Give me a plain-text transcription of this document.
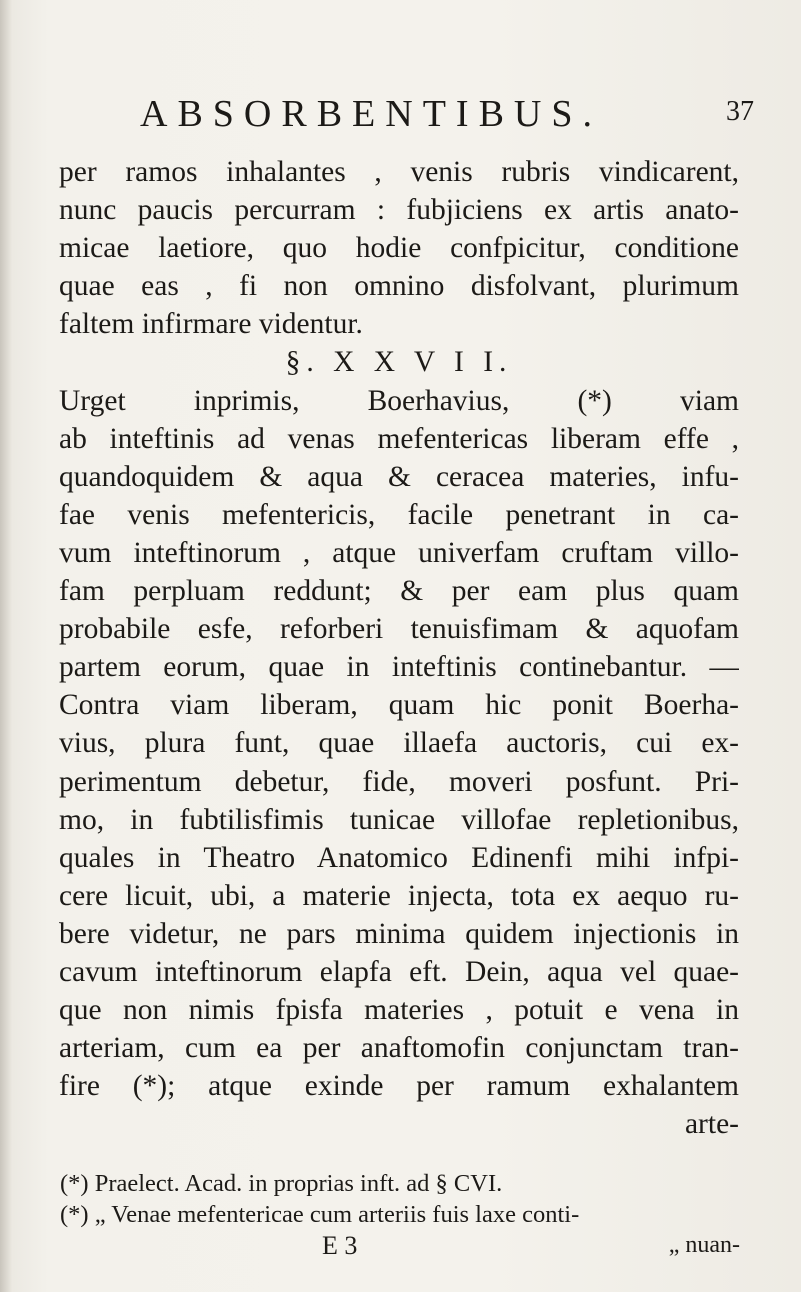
ABSORBENTIBUS.	37
per ramos inhalantes , venis rubris vindicarent,
nunc paucis percurram : fubjiciens ex artis anato-
micae laetiore, quo hodie confpicitur, conditione
quae eas , fi non omnino disfolvant, plurimum
faltem infirmare videntur.
§. X X V I I.
Urget inprimis, Boerhavius, (*) viam
ab inteftinis ad venas mefentericas liberam effe ,
quandoquidem & aqua & ceracea materies, infu-
fae venis mefentericis, facile penetrant in ca-
vum inteftinorum , atque univerfam cruftam villo-
fam perpluam reddunt; & per eam plus quam
probabile esfe, reforberi tenuisfimam & aquofam
partem eorum, quae in inteftinis continebantur. —
Contra viam liberam, quam hic ponit Boerha-
vius, plura funt, quae illaefa auctoris, cui ex-
perimentum debetur, fide, moveri posfunt. Pri-
mo, in fubtilisfimis tunicae villofae repletionibus,
quales in Theatro Anatomico Edinenfi mihi infpi-
cere licuit, ubi, a materie injecta, tota ex aequo ru-
bere videtur, ne pars minima quidem injectionis in
cavum inteftinorum elapfa eft. Dein, aqua vel quae-
que non nimis fpisfa materies , potuit e vena in
arteriam, cum ea per anaftomofin conjunctam tran-
fire (*); atque exinde per ramum exhalantem
arte-
(*) Praelect. Acad. in proprias inft. ad § CVI.
(*) „ Venae mefentericae cum arteriis fuis laxe conti-
E 3	„ nuan-
